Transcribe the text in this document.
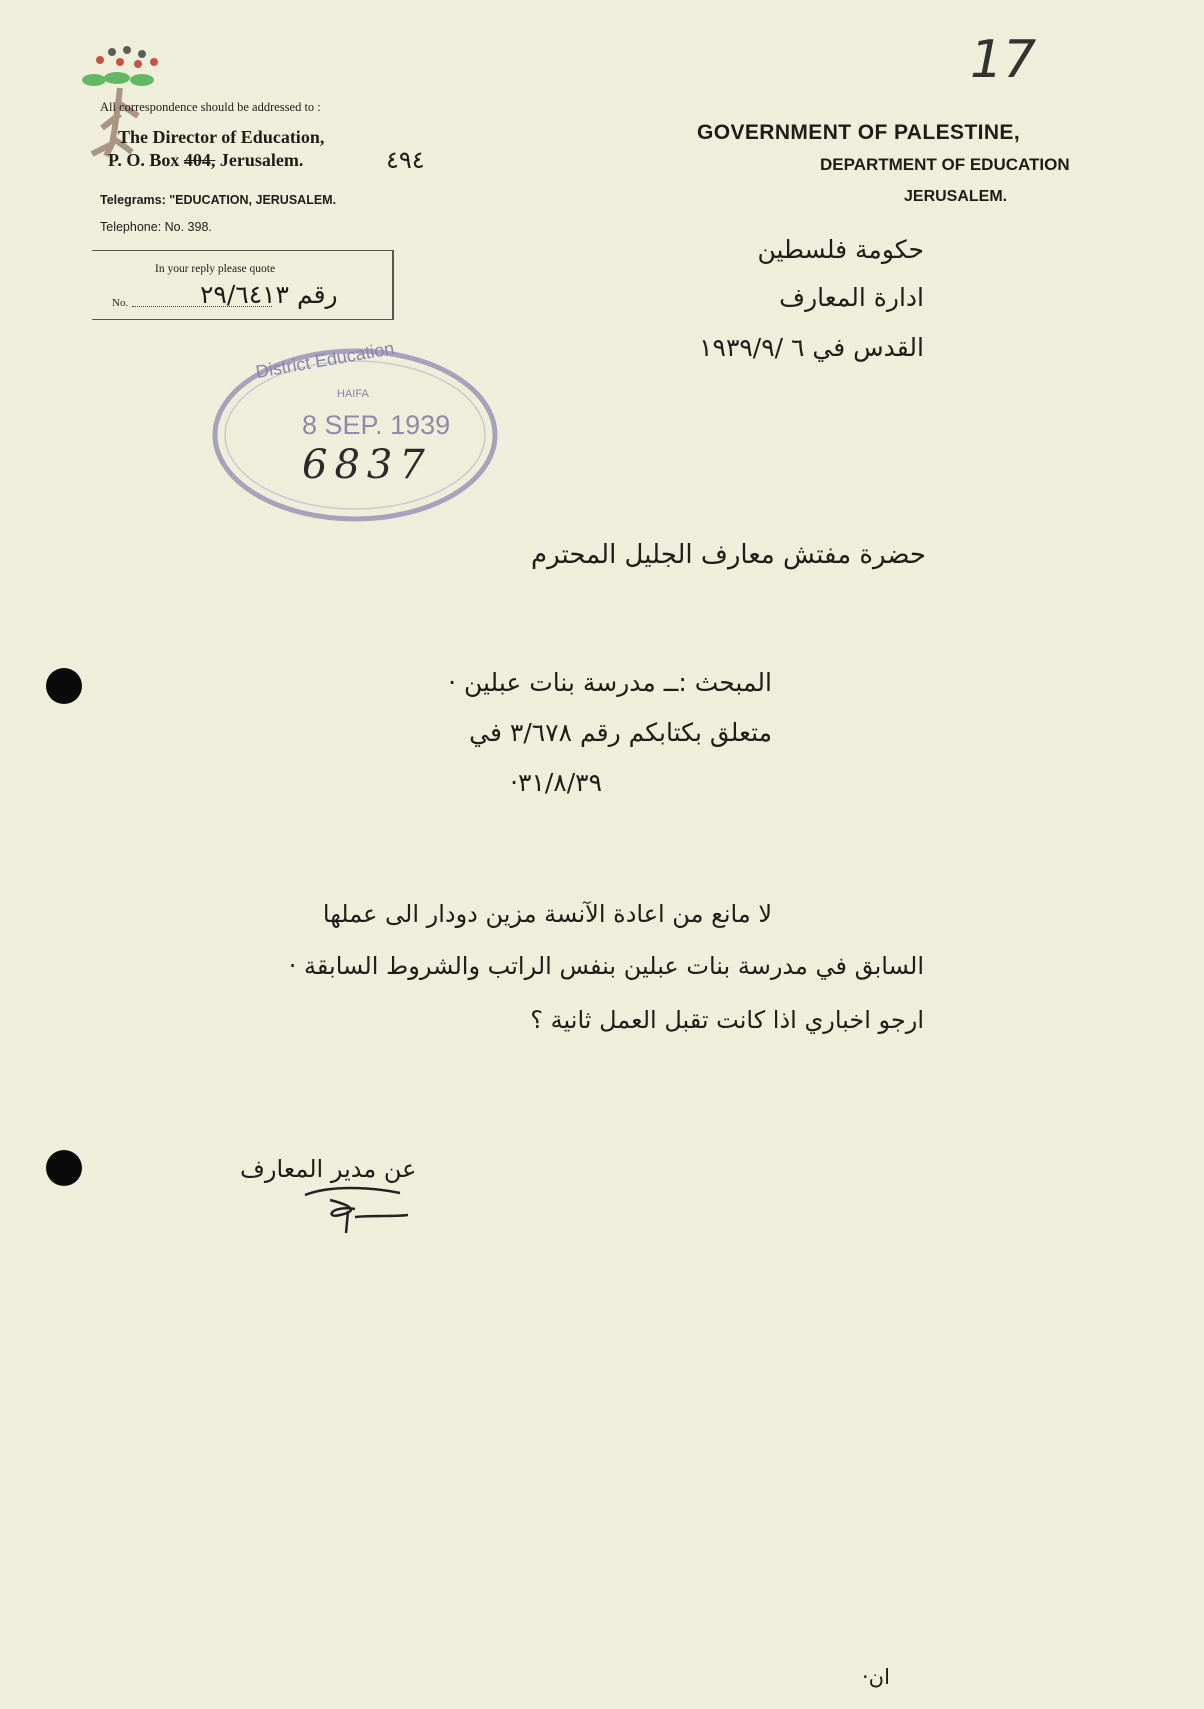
All correspondence should be addressed to :
The Director of Education,
P. O. Box 404, Jerusalem.	٤٩٤
Telegrams: "EDUCATION, JERUSALEM.
Telephone: No. 398.
In your reply please quote
No.	رقم ٢٩/٦٤١٣
17
GOVERNMENT OF PALESTINE,
DEPARTMENT OF EDUCATION
JERUSALEM.
حكومة فلسطين
ادارة المعارف
القدس في ٦ /١٩٣٩/٩
District Education
HAIFA
8 SEP. 1939
6837
حضرة مفتش معارف الجليل المحترم
المبحث :ــ مدرسة بنات عبلين ·
متعلق بكتابكم رقم ٣/٦٧٨ في
٣١/٨/٣٩·
لا مانع من اعادة الآنسة مزين دودار الى عملها
السابق في مدرسة بنات عبلين بنفس الراتب والشروط السابقة ·
ارجو اخباري اذا كانت تقبل العمل ثانية ؟
عن مدير المعارف
ان·
